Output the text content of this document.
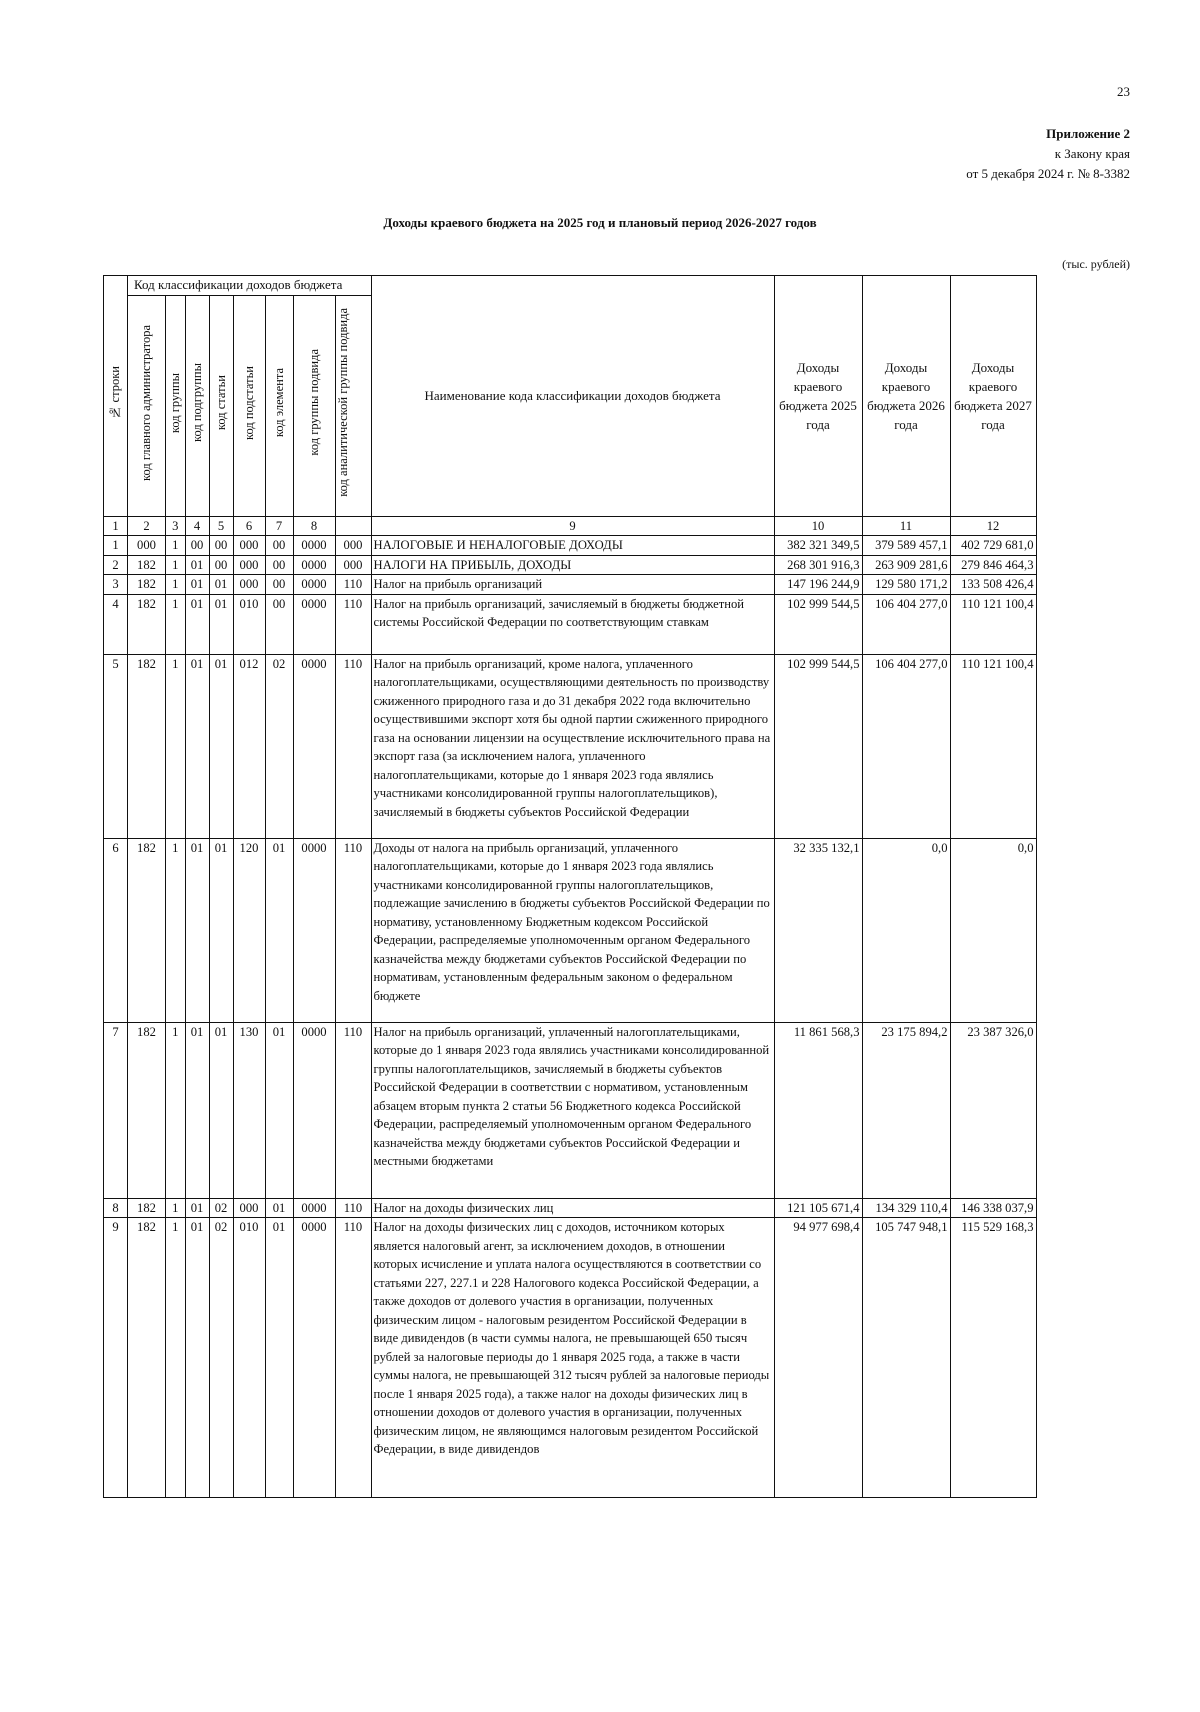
23
Приложение 2
к Закону края
от 5 декабря 2024 г. № 8-3382
Доходы краевого бюджета на 2025 год и плановый период 2026-2027 годов
(тыс. рублей)
№ строки	Код классификации доходов бюджета								Наименование кода классификации доходов бюджета	Доходы краевого бюджета 2025 года	Доходы краевого бюджета 2026 года	Доходы краевого бюджета 2027 года
	код главного администратора	код группы	код подгруппы	код статьи	код подстатьи	код элемента	код группы подвида	код аналитической группы подвида				
1	2	3	4	5	6	7	8		9	10	11	12
1	000	1	00	00	000	00	0000	000	НАЛОГОВЫЕ И НЕНАЛОГОВЫЕ ДОХОДЫ	382 321 349,5	379 589 457,1	402 729 681,0
2	182	1	01	00	000	00	0000	000	НАЛОГИ НА ПРИБЫЛЬ, ДОХОДЫ	268 301 916,3	263 909 281,6	279 846 464,3
3	182	1	01	01	000	00	0000	110	Налог на прибыль организаций	147 196 244,9	129 580 171,2	133 508 426,4
4	182	1	01	01	010	00	0000	110	Налог на прибыль организаций, зачисляемый в бюджеты бюджетной системы Российской Федерации по соответствующим ставкам	102 999 544,5	106 404 277,0	110 121 100,4
5	182	1	01	01	012	02	0000	110	Налог на прибыль организаций, кроме налога, уплаченного налогоплательщиками, осуществляющими деятельность по производству сжиженного природного газа и до 31 декабря 2022 года включительно осуществившими экспорт хотя бы одной партии сжиженного природного газа на основании лицензии на осуществление исключительного права на экспорт газа (за исключением налога, уплаченного налогоплательщиками, которые до 1 января 2023 года являлись участниками консолидированной группы налогоплательщиков), зачисляемый в бюджеты субъектов Российской Федерации	102 999 544,5	106 404 277,0	110 121 100,4
6	182	1	01	01	120	01	0000	110	Доходы от налога на прибыль организаций, уплаченного налогоплательщиками, которые до 1 января 2023 года являлись участниками консолидированной группы налогоплательщиков, подлежащие зачислению в бюджеты субъектов Российской Федерации по нормативу, установленному Бюджетным кодексом Российской Федерации, распределяемые уполномоченным органом Федерального казначейства между бюджетами субъектов Российской Федерации по нормативам, установленным федеральным законом о федеральном бюджете	32 335 132,1	0,0	0,0
7	182	1	01	01	130	01	0000	110	Налог на прибыль организаций, уплаченный налогоплательщиками, которые до 1 января 2023 года являлись участниками консолидированной группы налогоплательщиков, зачисляемый в бюджеты субъектов Российской Федерации в соответствии с нормативом, установленным абзацем вторым пункта 2 статьи 56 Бюджетного кодекса Российской Федерации, распределяемый уполномоченным органом Федерального казначейства между бюджетами субъектов Российской Федерации и местными бюджетами	11 861 568,3	23 175 894,2	23 387 326,0
8	182	1	01	02	000	01	0000	110	Налог на доходы физических лиц	121 105 671,4	134 329 110,4	146 338 037,9
9	182	1	01	02	010	01	0000	110	Налог на доходы физических лиц с доходов, источником которых является налоговый агент, за исключением доходов, в отношении которых исчисление и уплата налога осуществляются в соответствии со статьями 227, 227.1 и 228 Налогового кодекса Российской Федерации, а также доходов от долевого участия в организации, полученных физическим лицом - налоговым резидентом Российской Федерации в виде дивидендов (в части суммы налога, не превышающей 650 тысяч рублей за налоговые периоды до 1 января 2025 года, а также в части суммы налога, не превышающей 312 тысяч рублей за налоговые периоды после 1 января 2025 года), а также налог на доходы физических лиц в отношении доходов от долевого участия в организации, полученных физическим лицом, не являющимся налоговым резидентом Российской Федерации, в виде дивидендов	94 977 698,4	105 747 948,1	115 529 168,3
